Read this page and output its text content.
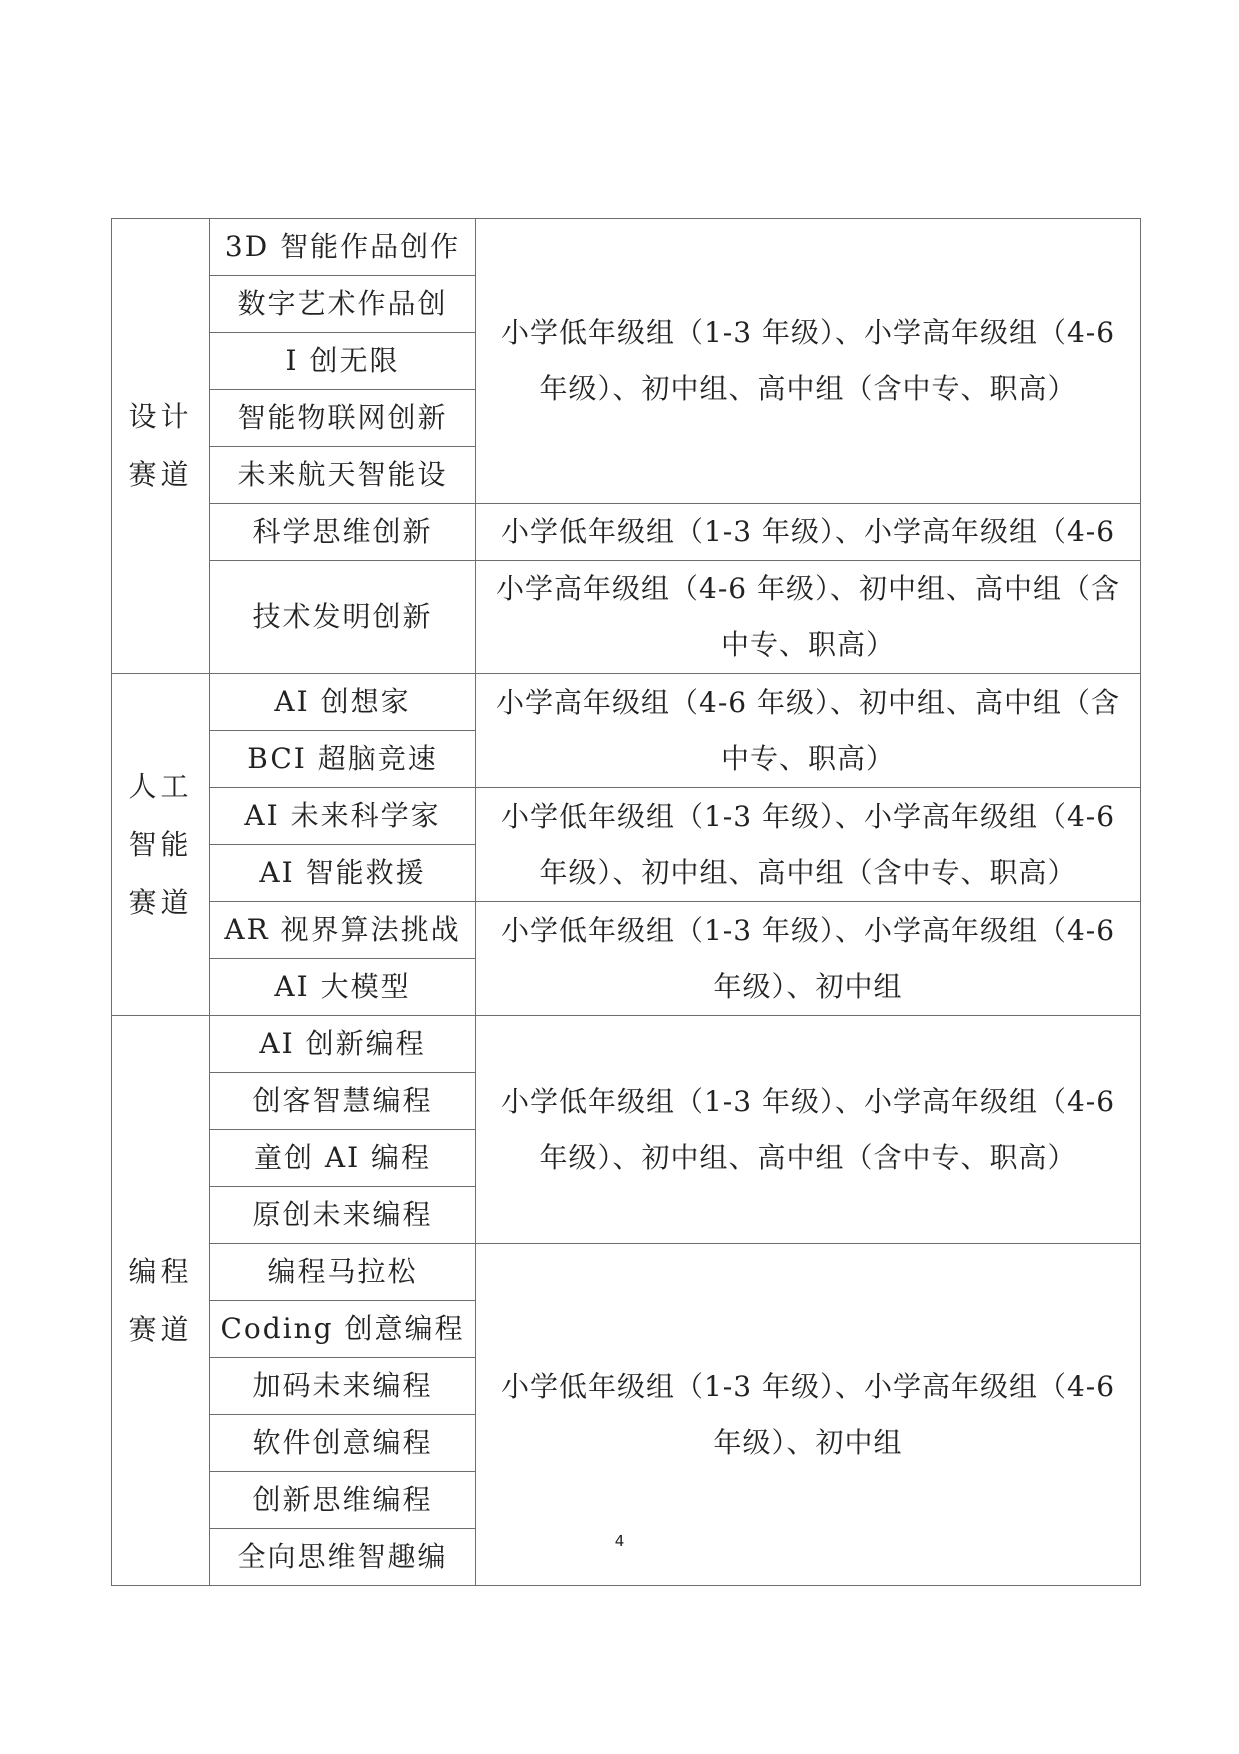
设计赛道	3D 智能作品创作	小学低年级组（1-3 年级）、小学高年级组（4-6 年级）、初中组、高中组（含中专、职高）

	数字艺术作品创	
	I 创无限	
	智能物联网创新	
	未来航天智能设	
	科学思维创新	小学低年级组（1-3 年级）、小学高年级组（4-6

	技术发明创新	小学高年级组（4-6 年级）、初中组、高中组（含中专、职高）

人工智能赛道	AI 创想家	小学高年级组（4-6 年级）、初中组、高中组（含中专、职高）

	BCI 超脑竞速	
	AI 未来科学家	小学低年级组（1-3 年级）、小学高年级组（4-6 年级）、初中组、高中组（含中专、职高）

	AI 智能救援	
	AR 视界算法挑战	小学低年级组（1-3 年级）、小学高年级组（4-6 年级）、初中组

	AI 大模型	
编程赛道	AI 创新编程	小学低年级组（1-3 年级）、小学高年级组（4-6 年级）、初中组、高中组（含中专、职高）

	创客智慧编程	
	童创 AI 编程	
	原创未来编程	
	编程马拉松	小学低年级组（1-3 年级）、小学高年级组（4-6 年级）、初中组

	Coding 创意编程	
	加码未来编程	
	软件创意编程	
	创新思维编程	
	全向思维智趣编		4
